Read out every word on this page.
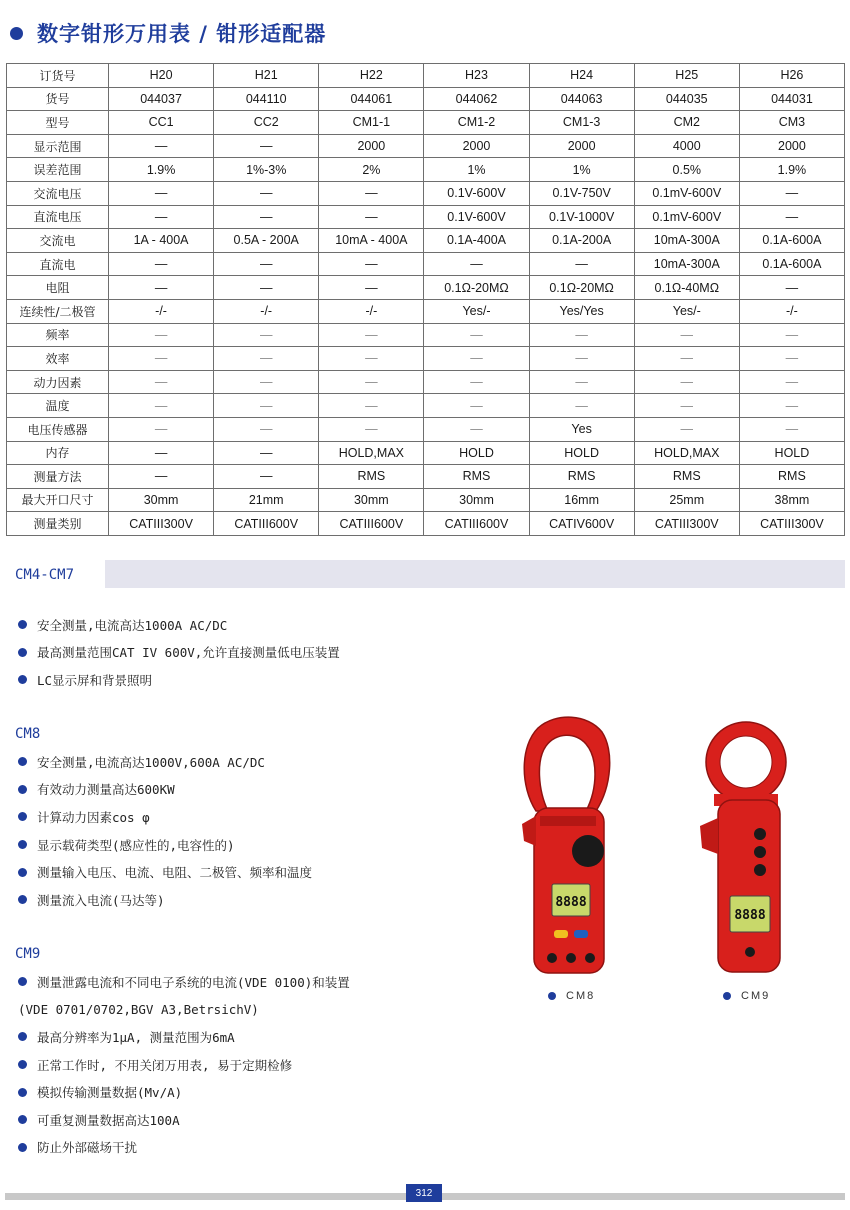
数字钳形万用表 / 钳形适配器
订货号	H20	H21	H22	H23	H24	H25	H26
货号	044037	044110	044061	044062	044063	044035	044031
型号	CC1	CC2	CM1-1	CM1-2	CM1-3	CM2	CM3
显示范围	—	—	2000	2000	2000	4000	2000
误差范围	1.9%	1%-3%	2%	1%	1%	0.5%	1.9%
交流电压	—	—	—	0.1V-600V	0.1V-750V	0.1mV-600V	—
直流电压	—	—	—	0.1V-600V	0.1V-1000V	0.1mV-600V	—
交流电	1A - 400A	0.5A - 200A	10mA - 400A	0.1A-400A	0.1A-200A	10mA-300A	0.1A-600A
直流电	—	—	—	—	—	10mA-300A	0.1A-600A
电阻	—	—	—	0.1Ω-20MΩ	0.1Ω-20MΩ	0.1Ω-40MΩ	—
连续性/二极管	-/-	-/-	-/-	Yes/-	Yes/Yes	Yes/-	-/-
频率	—	—	—	—	—	—	—
效率	—	—	—	—	—	—	—
动力因素	—	—	—	—	—	—	—
温度	—	—	—	—	—	—	—
电压传感器	—	—	—	—	Yes	—	—
内存	—	—	HOLD,MAX	HOLD	HOLD	HOLD,MAX	HOLD
测量方法	—	—	RMS	RMS	RMS	RMS	RMS
最大开口尺寸	30mm	21mm	30mm	30mm	16mm	25mm	38mm
测量类别	CATIII300V	CATIII600V	CATIII600V	CATIII600V	CATIV600V	CATIII300V	CATIII300V
CM4-CM7
安全测量,电流高达1000A AC/DC
最高测量范围CAT IV 600V,允许直接测量低电压装置
LC显示屏和背景照明
CM8
安全测量,电流高达1000V,600A AC/DC
有效动力测量高达600KW
计算动力因素cos φ
显示载荷类型(感应性的,电容性的)
测量输入电压、电流、电阻、二极管、频率和温度
测量流入电流(马达等)
CM9
测量泄露电流和不同电子系统的电流(VDE 0100)和装置
(VDE 0701/0702,BGV A3,BetrsichV)
最高分辨率为1μA, 测量范围为6mA
正常工作时, 不用关闭万用表, 易于定期检修
模拟传输测量数据(Mv/A)
可重复测量数据高达100A
防止外部磁场干扰
8888
8888
CM8	CM9
312
